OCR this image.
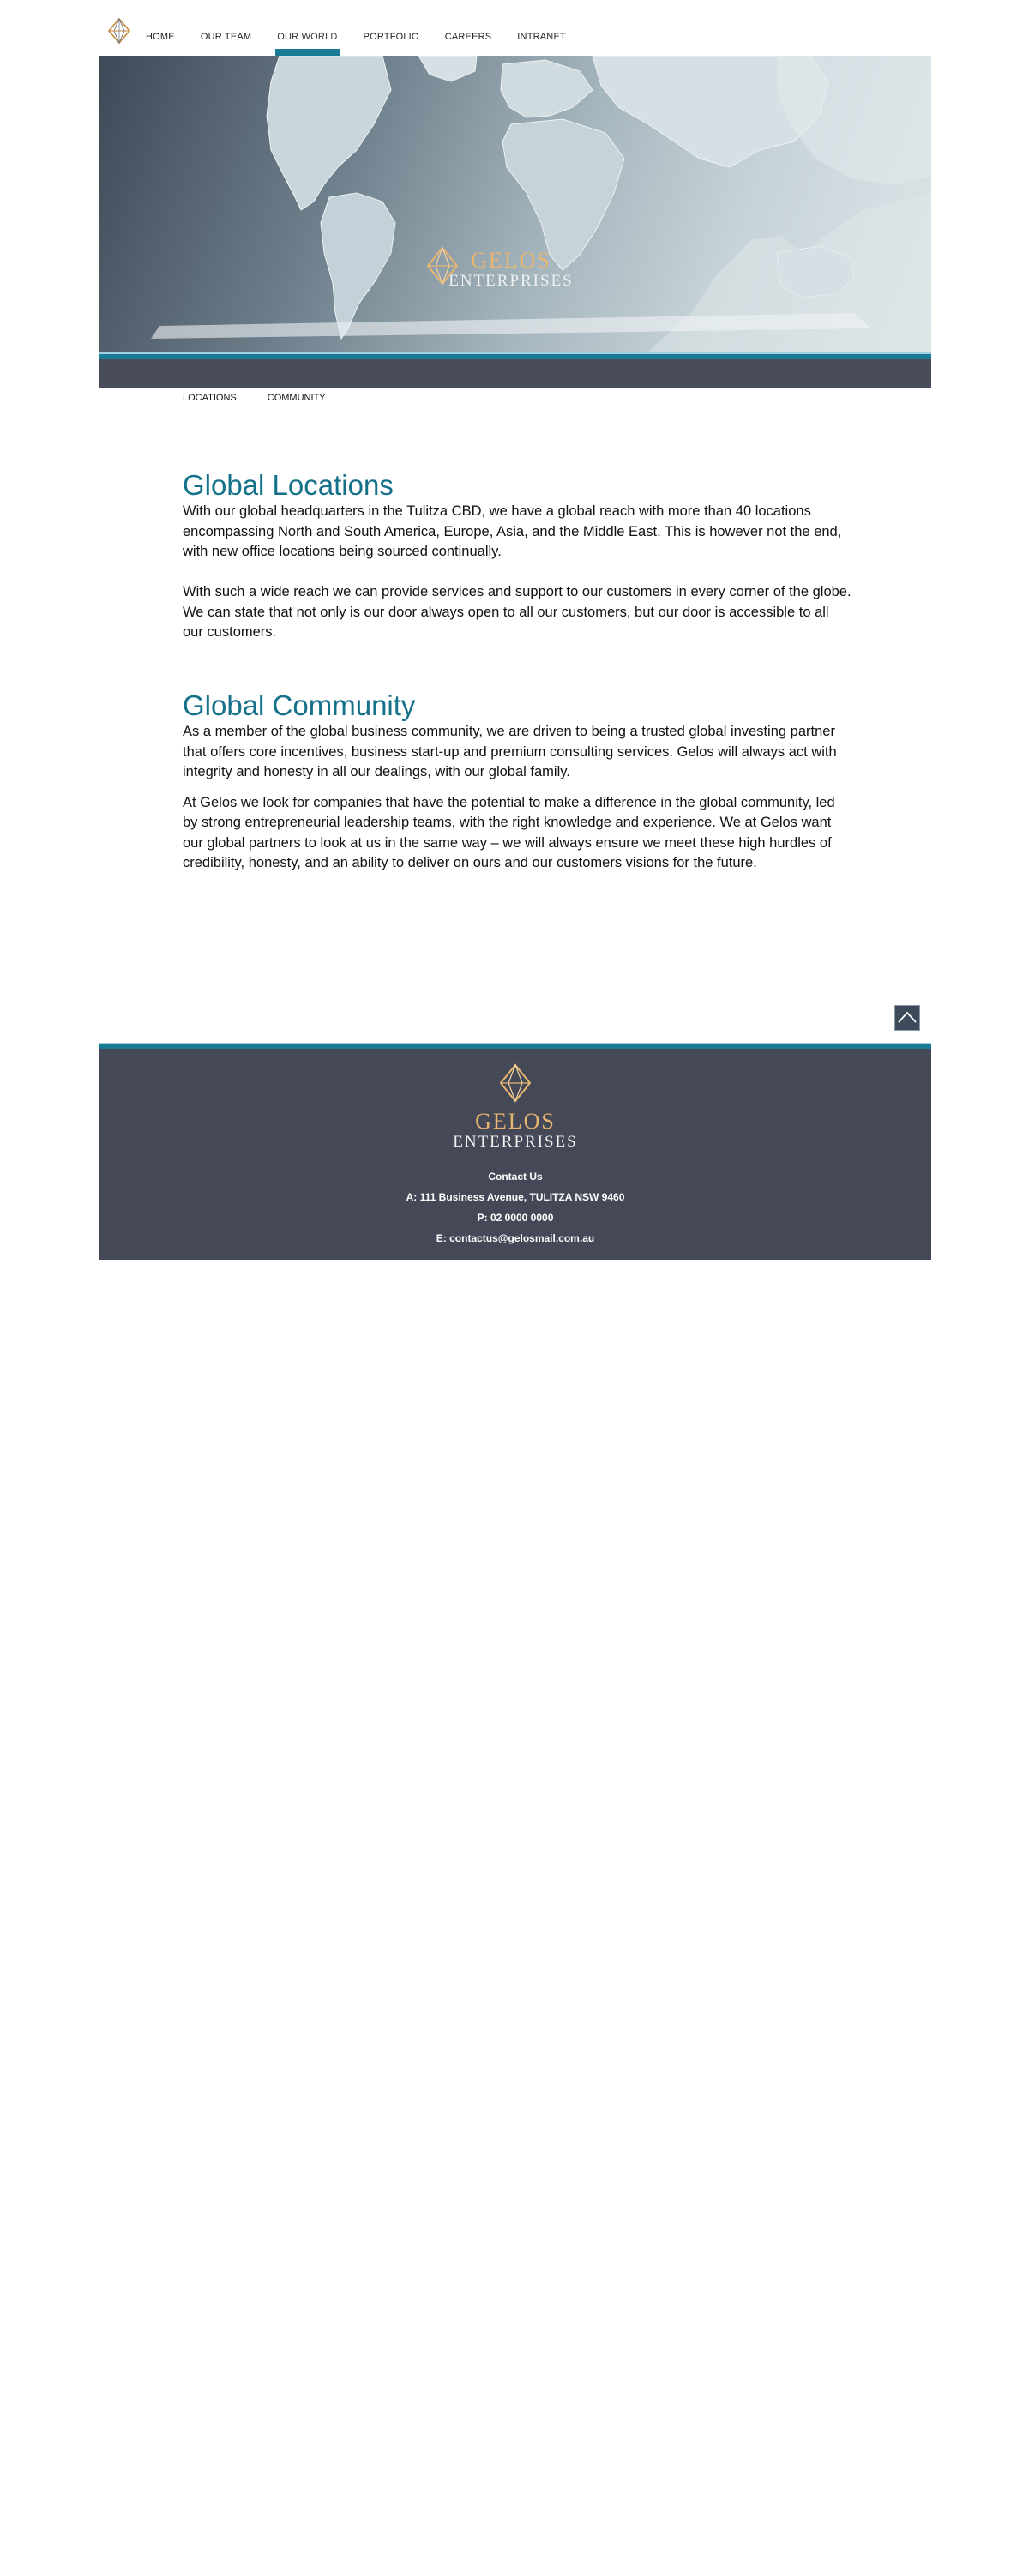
HOME	OUR TEAM	OUR WORLD	PORTFOLIO	CAREERS	INTRANET
GELOS
ENTERPRISES
LOCATIONS	COMMUNITY
Global Locations

With our global headquarters in the Tulitza CBD, we have a global reach with more than 40 locations encompassing North and South America, Europe, Asia, and the Middle East. This is however not the end, with new office locations being sourced continually.

With such a wide reach we can provide services and support to our customers in every corner of the globe. We can state that not only is our door always open to all our customers, but our door is accessible to all our customers.

Global Community

As a member of the global business community, we are driven to being a trusted global investing partner that offers core incentives, business start-up and premium consulting services. Gelos will always act with integrity and honesty in all our dealings, with our global family.

At Gelos we look for companies that have the potential to make a difference in the global community, led by strong entrepreneurial leadership teams, with the right knowledge and experience. We at Gelos want our global partners to look at us in the same way – we will always ensure we meet these high hurdles of credibility, honesty, and an ability to deliver on ours and our customers visions for the future.

GELOS
ENTERPRISES
Contact Us
A: 111 Business Avenue, TULITZA NSW 9460
P: 02 0000 0000
E: contactus@gelosmail.com.au
